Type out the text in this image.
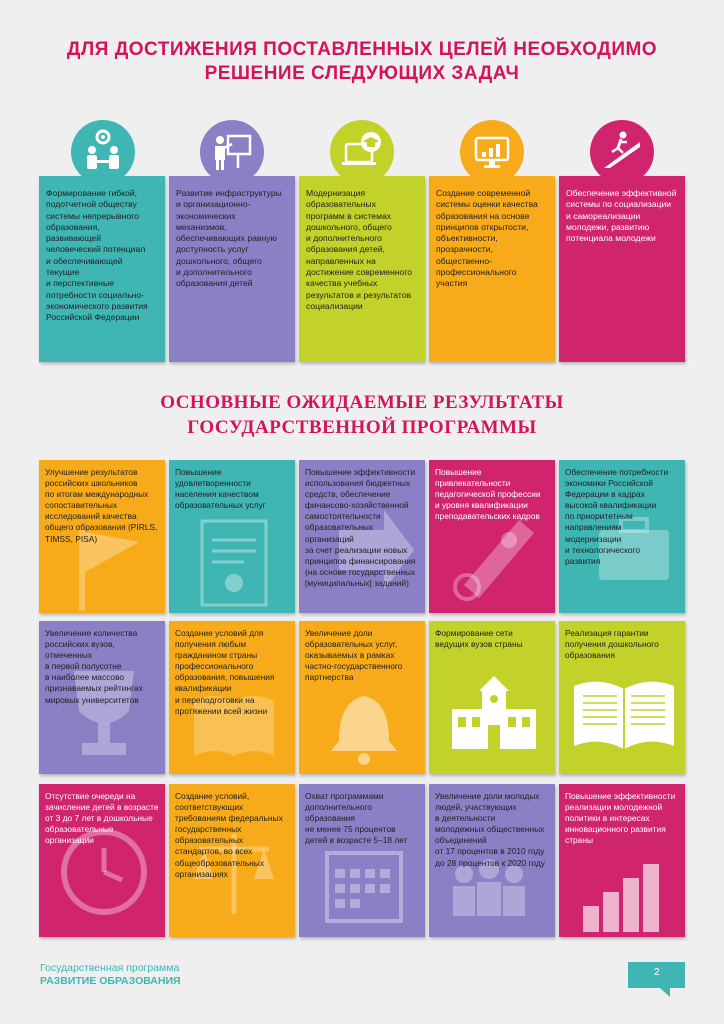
ДЛЯ ДОСТИЖЕНИЯ ПОСТАВЛЕННЫХ ЦЕЛЕЙ НЕОБХОДИМО
РЕШЕНИЕ СЛЕДУЮЩИХ ЗАДАЧ
Формирование гибкой,
подотчетной обществу
системы непрерывного
образования, развивающей
человеческий потенциал
и обеспечивающей текущие
и перспективные
потребности социально-
экономического развития
Российской Федерации
Развитие инфраструктуры
и организационно-
экономических
механизмов,
обеспечивающих равную
доступность услуг
дошкольного, общего
и дополнительного
образования детей
Модернизация
образовательных
программ в системах
дошкольного, общего
и дополнительного
образования детей,
направленных на
достижение современного
качества учебных
результатов и результатов
социализации
Создание современной
системы оценки качества
образования на основе
принципов открытости,
объективности,
прозрачности,
общественно-
профессионального
участия
Обеспечение эффективной
системы по социализации
и самореализации
молодежи, развитию
потенциала молодежи
ОСНОВНЫЕ ОЖИДАЕМЫЕ РЕЗУЛЬТАТЫ
ГОСУДАРСТВЕННОЙ ПРОГРАММЫ
Улучшение результатов
российских школьников
по итогам международных
сопоставительных
исследований качества
общего образования (PIRLS,
TIMSS, PISA)
Повышение
удовлетворенности
населения качеством
образовательных услуг
Повышение эффективности
использования бюджетных
средств, обеспечение
финансово-хозяйственной
самостоятельности
образовательных организаций
за счет реализации новых
принципов финансирования
(на основе государственных
[муниципальных] заданий)
Повышение
привлекательности
педагогической профессии
и уровня квалификации
преподавательских кадров
Обеспечение потребности
экономики Российской
Федерации в кадрах
высокой квалификации
по приоритетным
направлениям
модернизации
и технологического
развития
Увеличение количества
российских вузов,
отмеченных
в первой полусотне
в наиболее массово
признаваемых рейтингах
мировых университетов
Создание условий для
получения любым
гражданином страны
профессионального
образования, повышения
квалификации
и переподготовки на
протяжении всей жизни
Увеличение доли
образовательных услуг,
оказываемых в рамках
частно-государственного
партнерства
Формирование сети
ведущих вузов страны
Реализация гарантии
получения дошкольного
образования
Отсутствие очереди на
зачисление детей в возрасте
от 3 до 7 лет в дошкольные
образовательные
организации
Создание условий,
соответствующих
требованиям федеральных
государственных
образовательных
стандартов, во всех
общеобразовательных
организациях
Охват программами
дополнительного
образования
не менее 75 процентов
детей в возрасте 5–18 лет
Увеличение доли молодых
людей, участвующих
в деятельности
молодежных общественных
объединений
от 17 процентов в 2010 году
до 28 процентов к 2020 году
Повышение эффективности
реализации молодежной
политики в интересах
инновационного развития
страны
Государственная программа
РАЗВИТИЕ ОБРАЗОВАНИЯ
2
